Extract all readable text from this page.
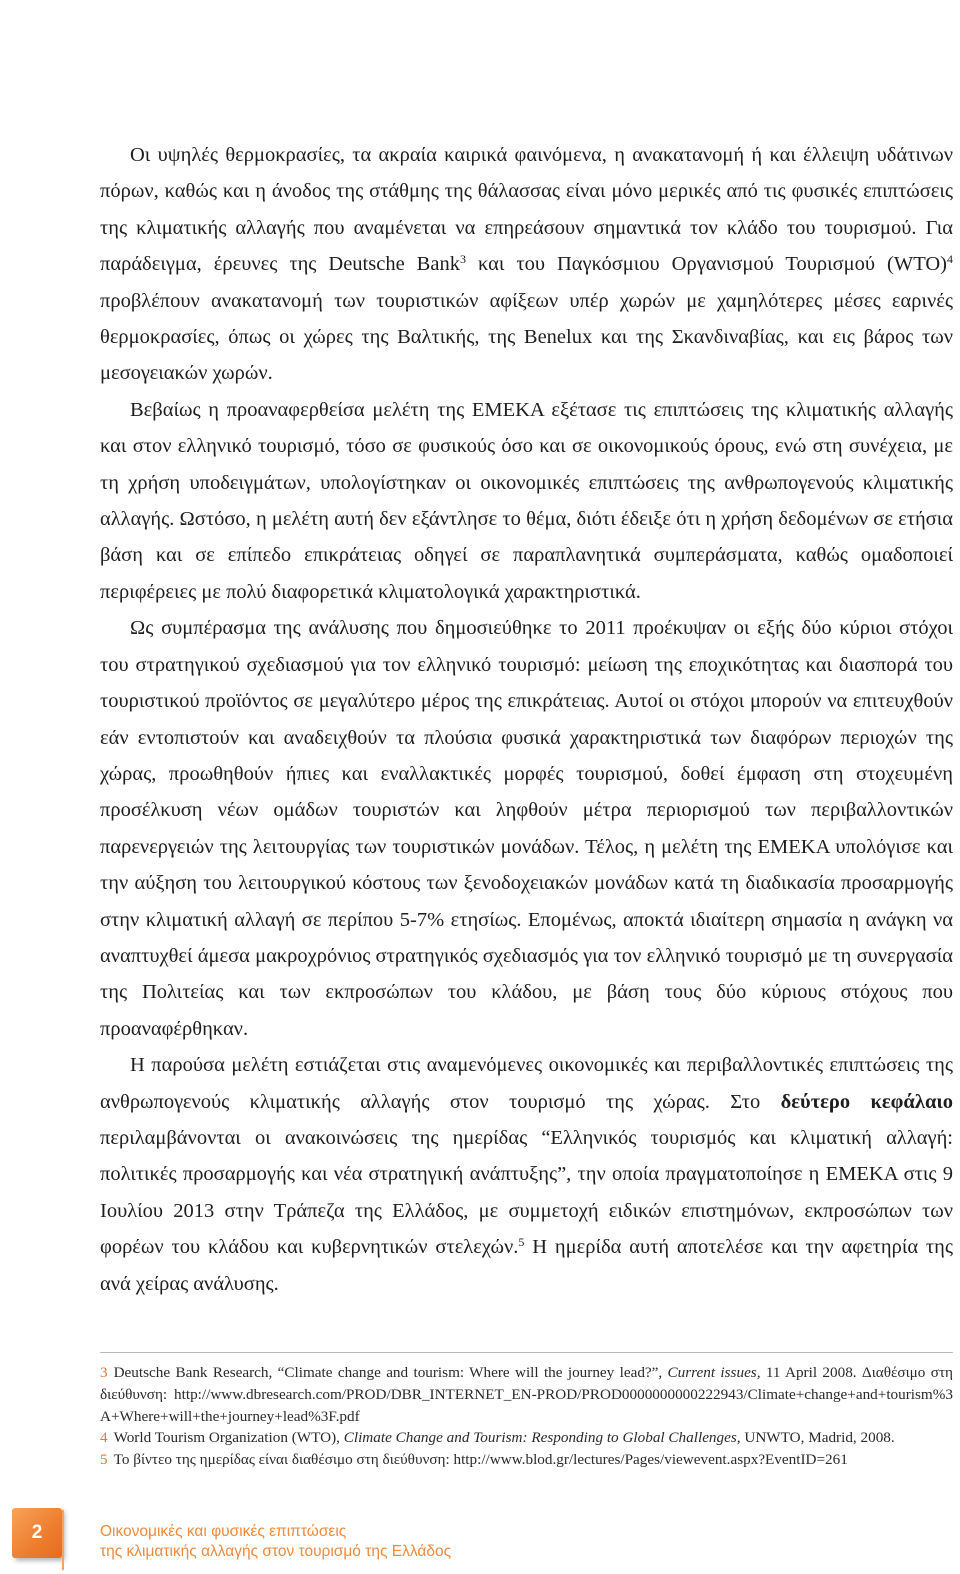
Οι υψηλές θερμοκρασίες, τα ακραία καιρικά φαινόμενα, η ανακατανομή ή και έλλειψη υδάτινων πόρων, καθώς και η άνοδος της στάθμης της θάλασσας είναι μόνο μερικές από τις φυσικές επιπτώσεις της κλιματικής αλλαγής που αναμένεται να επηρεάσουν σημαντικά τον κλάδο του τουρισμού. Για παράδειγμα, έρευνες της Deutsche Bank$^3$ και του Παγκόσμιου Οργανισμού Τουρισμού (WTO)$^4$ προβλέπουν ανακατανομή των τουριστικών αφίξεων υπέρ χωρών με χαμηλότερες μέσες εαρινές θερμοκρασίες, όπως οι χώρες της Βαλτικής, της Benelux και της Σκανδιναβίας, και εις βάρος των μεσογειακών χωρών.

Βεβαίως η προαναφερθείσα μελέτη της ΕΜΕΚΑ εξέτασε τις επιπτώσεις της κλιματικής αλλαγής και στον ελληνικό τουρισμό, τόσο σε φυσικούς όσο και σε οικονομικούς όρους, ενώ στη συνέχεια, με τη χρήση υποδειγμάτων, υπολογίστηκαν οι οικονομικές επιπτώσεις της ανθρωπογενούς κλιματικής αλλαγής. Ωστόσο, η μελέτη αυτή δεν εξάντλησε το θέμα, διότι έδειξε ότι η χρήση δεδομένων σε ετήσια βάση και σε επίπεδο επικράτειας οδηγεί σε παραπλανητικά συμπεράσματα, καθώς ομαδοποιεί περιφέρειες με πολύ διαφορετικά κλιματολογικά χαρακτηριστικά.

Ως συμπέρασμα της ανάλυσης που δημοσιεύθηκε το 2011 προέκυψαν οι εξής δύο κύριοι στόχοι του στρατηγικού σχεδιασμού για τον ελληνικό τουρισμό: μείωση της εποχικότητας και διασπορά του τουριστικού προϊόντος σε μεγαλύτερο μέρος της επικράτειας. Αυτοί οι στόχοι μπορούν να επιτευχθούν εάν εντοπιστούν και αναδειχθούν τα πλούσια φυσικά χαρακτηριστικά των διαφόρων περιοχών της χώρας, προωθηθούν ήπιες και εναλλακτικές μορφές τουρισμού, δοθεί έμφαση στη στοχευμένη προσέλκυση νέων ομάδων τουριστών και ληφθούν μέτρα περιορισμού των περιβαλλοντικών παρενεργειών της λειτουργίας των τουριστικών μονάδων. Τέλος, η μελέτη της ΕΜΕΚΑ υπολόγισε και την αύξηση του λειτουργικού κόστους των ξενοδοχειακών μονάδων κατά τη διαδικασία προσαρμογής στην κλιματική αλλαγή σε περίπου 5-7% ετησίως. Επομένως, αποκτά ιδιαίτερη σημασία η ανάγκη να αναπτυχθεί άμεσα μακροχρόνιος στρατηγικός σχεδιασμός για τον ελληνικό τουρισμό με τη συνεργασία της Πολιτείας και των εκπροσώπων του κλάδου, με βάση τους δύο κύριους στόχους που προαναφέρθηκαν.

Η παρούσα μελέτη εστιάζεται στις αναμενόμενες οικονομικές και περιβαλλοντικές επιπτώσεις της ανθρωπογενούς κλιματικής αλλαγής στον τουρισμό της χώρας. Στο δεύτερο κεφάλαιο περιλαμβάνονται οι ανακοινώσεις της ημερίδας “Ελληνικός τουρισμός και κλιματική αλλαγή: πολιτικές προσαρμογής και νέα στρατηγική ανάπτυξης”, την οποία πραγματοποίησε η ΕΜΕΚΑ στις 9 Ιουλίου 2013 στην Τράπεζα της Ελλάδος, με συμμετοχή ειδικών επιστημόνων, εκπροσώπων των φορέων του κλάδου και κυβερνητικών στελεχών.$^5$ Η ημερίδα αυτή αποτελέσε και την αφετηρία της ανά χείρας ανάλυσης.

3 Deutsche Bank Research, “Climate change and tourism: Where will the journey lead?”, Current issues, 11 April 2008. Διαθέσιμο στη διεύθυνση: http://www.dbresearch.com/PROD/DBR_INTERNET_EN-PROD/PROD0000000000222943/Climate+change+and+tourism%3A+Where+will+the+journey+lead%3F.pdf

4 World Tourism Organization (WTO), Climate Change and Tourism: Responding to Global Challenges, UNWTO, Madrid, 2008.

5 Το βίντεο της ημερίδας είναι διαθέσιμο στη διεύθυνση: http://www.blod.gr/lectures/Pages/viewevent.aspx?EventID=261

2	Οικονομικές και φυσικές επιπτώσεις
της κλιματικής αλλαγής στον τουρισμό της Ελλάδος
